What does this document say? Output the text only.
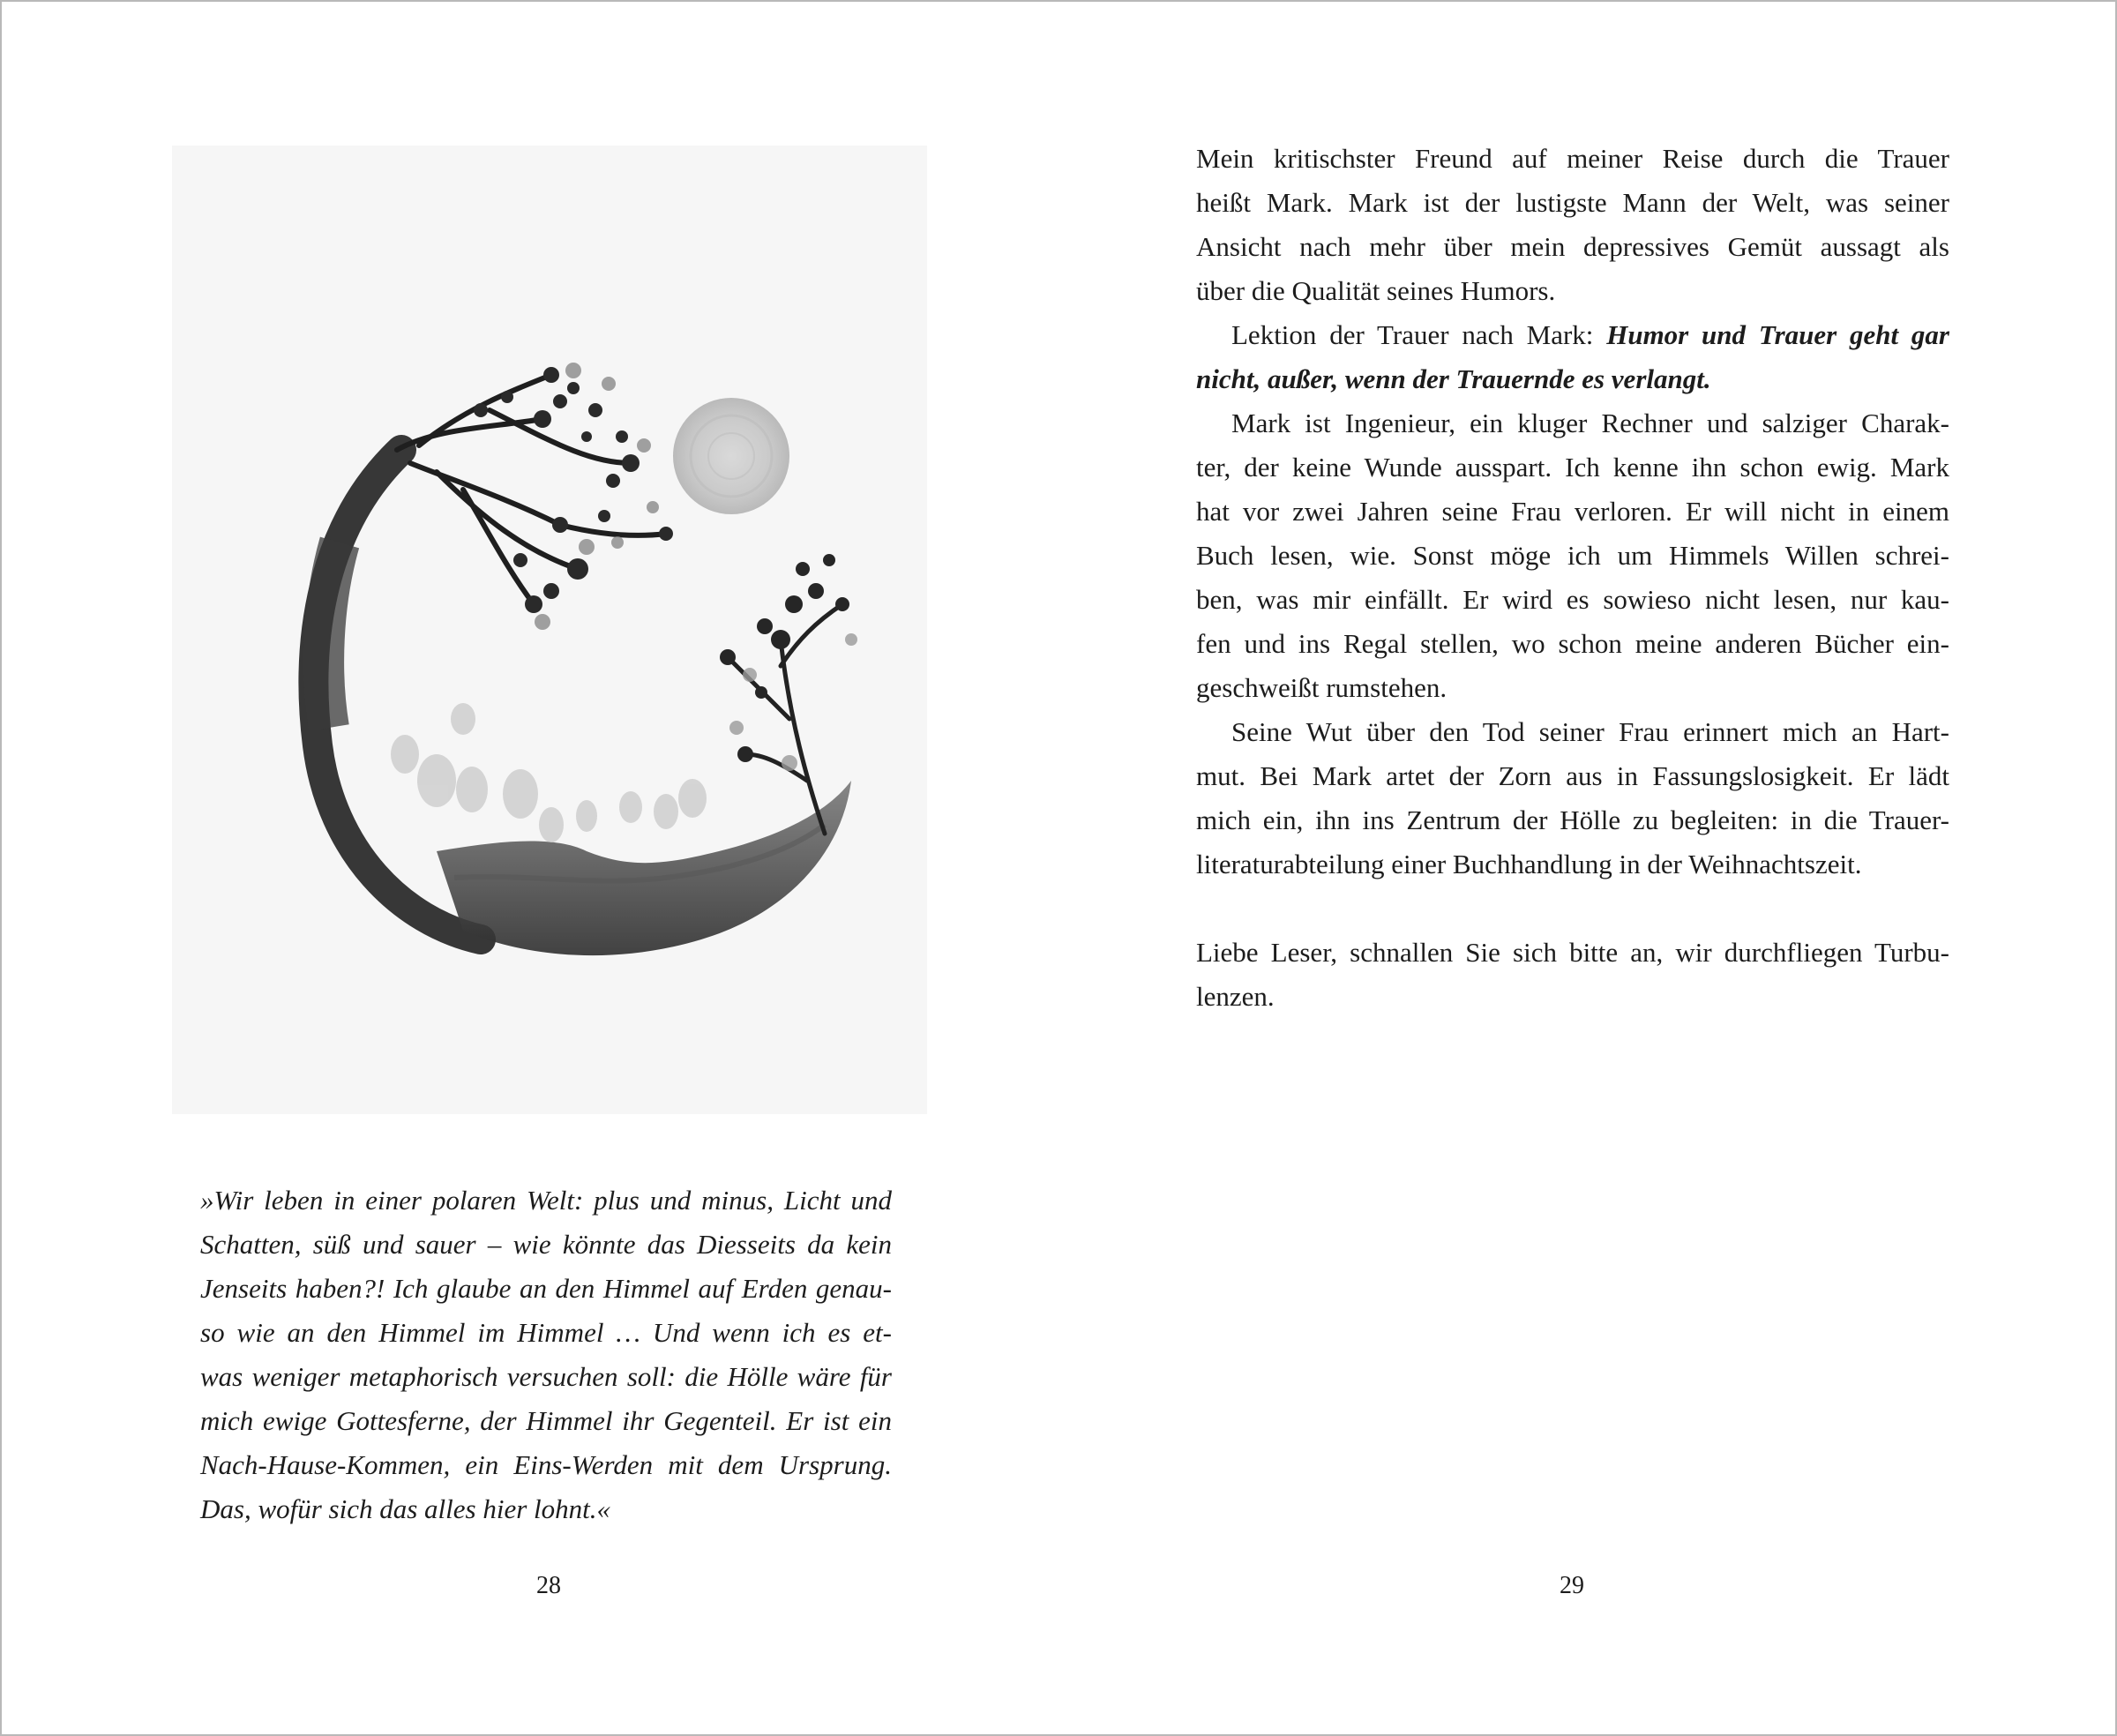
»Wir leben in einer polaren Welt: plus und minus, Licht und
Schatten, süß und sauer – wie könnte das Diesseits da kein
Jenseits haben?! Ich glaube an den Himmel auf Erden genau-
so wie an den Himmel im Himmel … Und wenn ich es et-
was weniger metaphorisch versuchen soll: die Hölle wäre für
mich ewige Gottesferne, der Himmel ihr Gegenteil. Er ist ein
Nach-Hause-Kommen, ein Eins-Werden mit dem Ursprung.
Das, wofür sich das alles hier lohnt.«

28
Mein kritischster Freund auf meiner Reise durch die Trauer
heißt Mark. Mark ist der lustigste Mann der Welt, was seiner
Ansicht nach mehr über mein depressives Gemüt aussagt als
über die Qualität seines Humors.
Lektion der Trauer nach Mark: Humor und Trauer geht gar
nicht, außer, wenn der Trauernde es verlangt.
Mark ist Ingenieur, ein kluger Rechner und salziger Charak-
ter, der keine Wunde ausspart. Ich kenne ihn schon ewig. Mark
hat vor zwei Jahren seine Frau verloren. Er will nicht in einem
Buch lesen, wie. Sonst möge ich um Himmels Willen schrei-
ben, was mir einfällt. Er wird es sowieso nicht lesen, nur kau-
fen und ins Regal stellen, wo schon meine anderen Bücher ein-
geschweißt rumstehen.
Seine Wut über den Tod seiner Frau erinnert mich an Hart-
mut. Bei Mark artet der Zorn aus in Fassungslosigkeit. Er lädt
mich ein, ihn ins Zentrum der Hölle zu begleiten: in die Trauer-
literaturabteilung einer Buchhandlung in der Weihnachtszeit.
Liebe Leser, schnallen Sie sich bitte an, wir durchfliegen Turbu-
lenzen.
29
